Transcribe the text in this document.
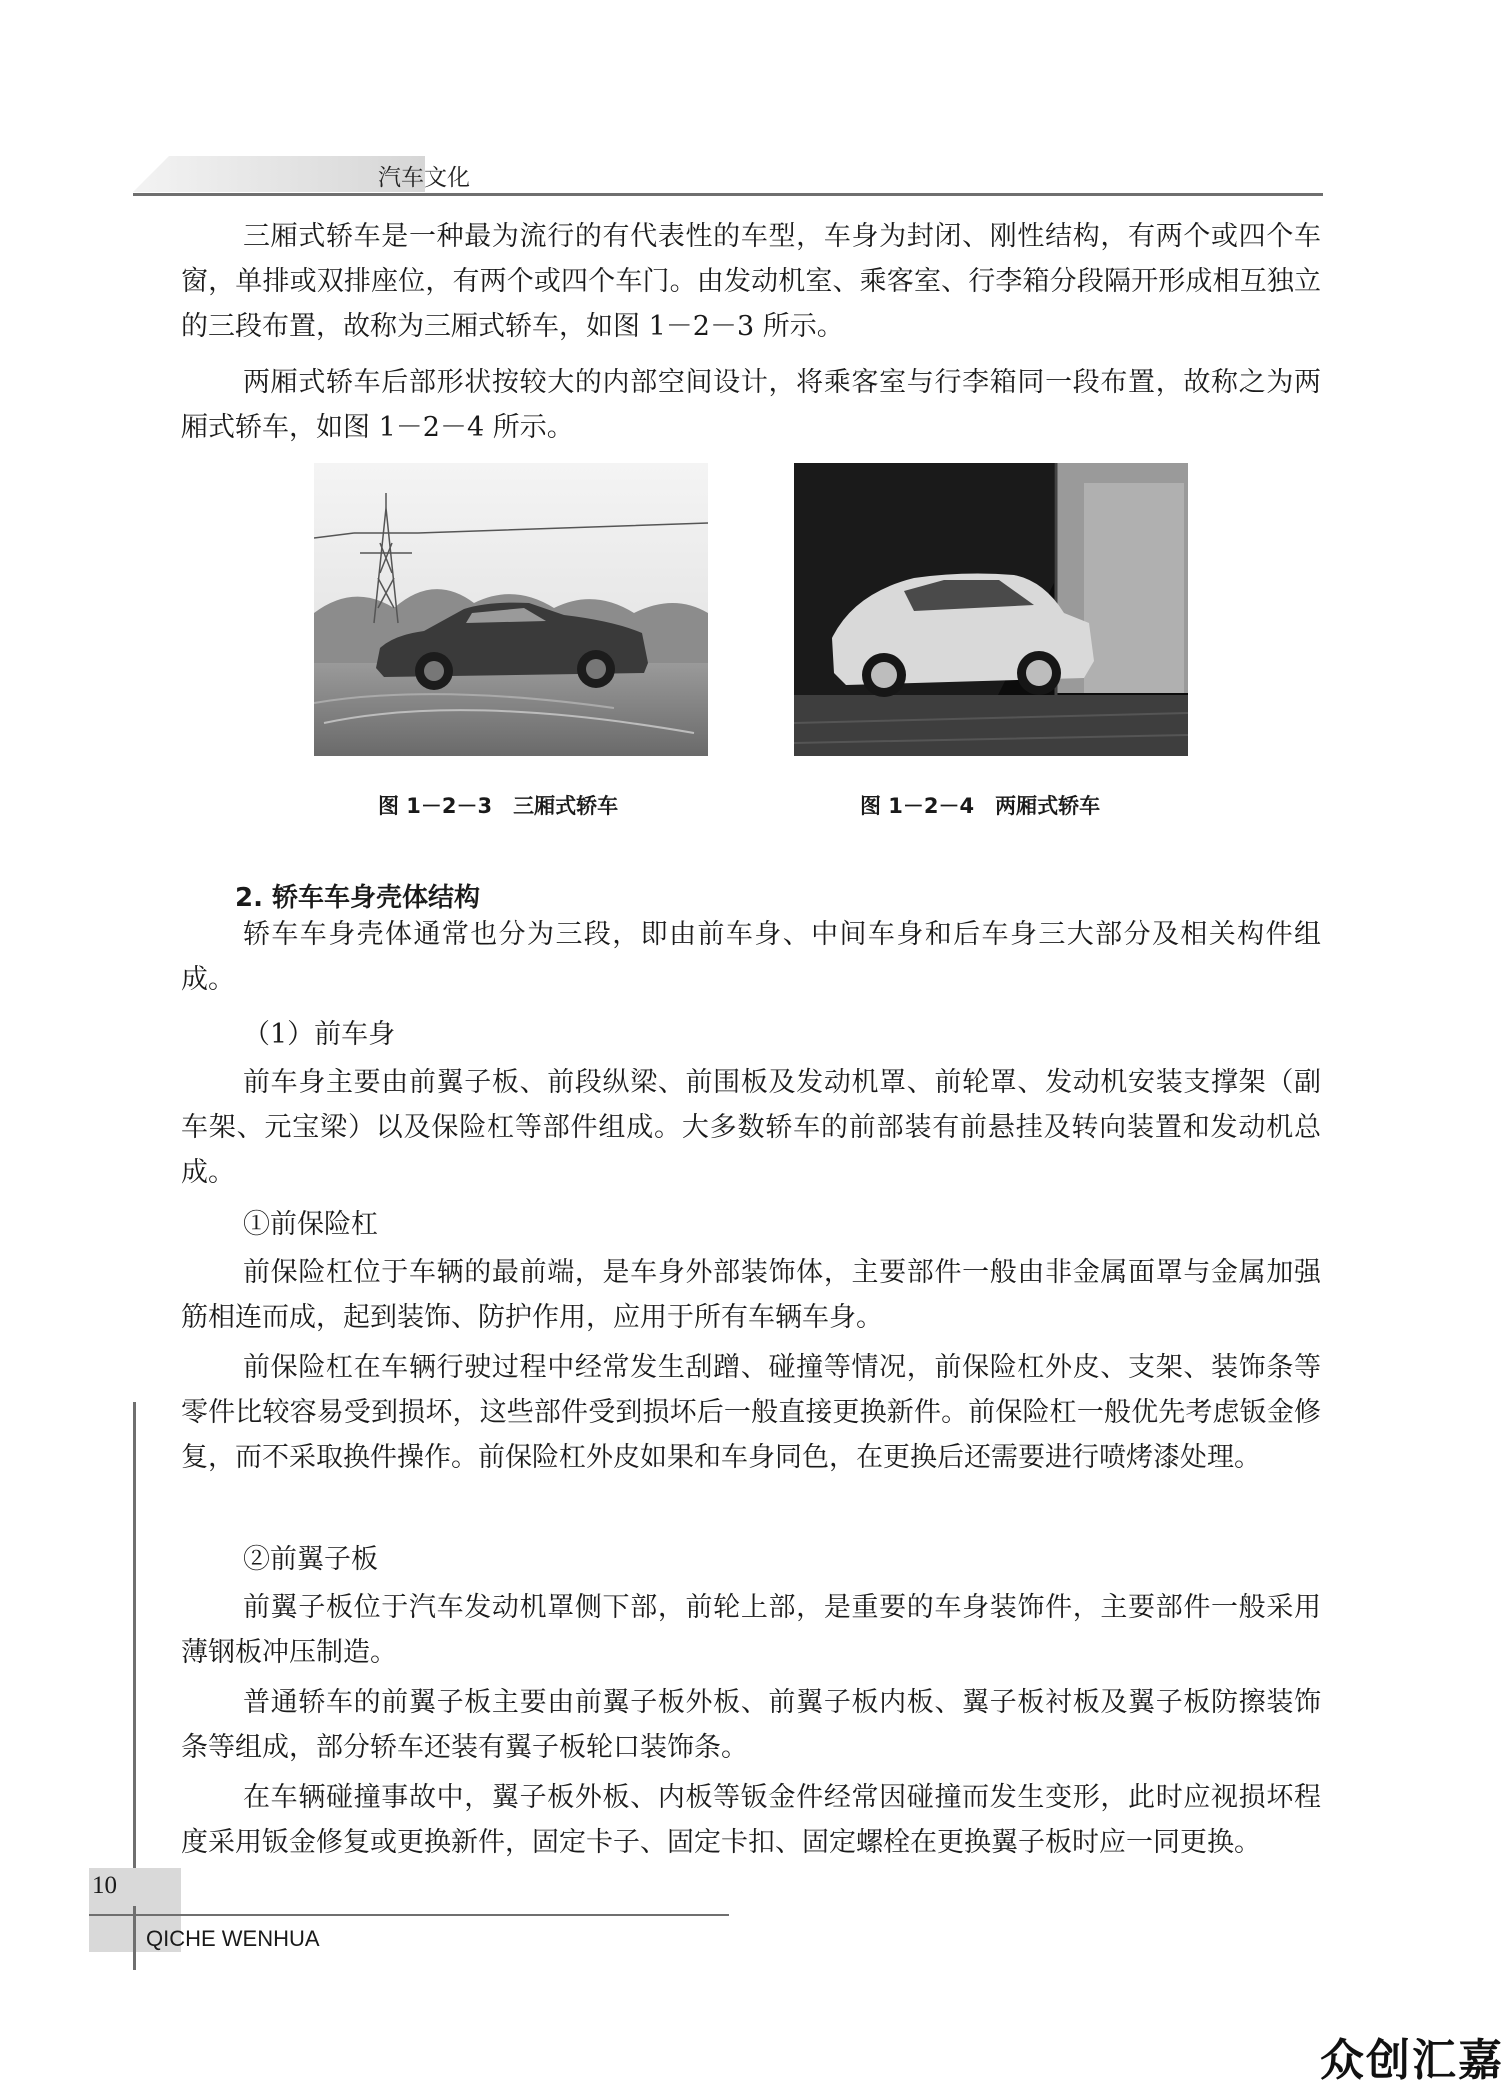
汽车文化

三厢式轿车是一种最为流行的有代表性的车型，车身为封闭、刚性结构，有两个或四个车窗，单排或双排座位，有两个或四个车门。由发动机室、乘客室、行李箱分段隔开形成相互独立的三段布置，故称为三厢式轿车，如图 1－2－3 所示。

两厢式轿车后部形状按较大的内部空间设计，将乘客室与行李箱同一段布置，故称之为两厢式轿车，如图 1－2－4 所示。

图 1－2－3　三厢式轿车	图 1－2－4　两厢式轿车

2. 轿车车身壳体结构

轿车车身壳体通常也分为三段，即由前车身、中间车身和后车身三大部分及相关构件组成。

（1）前车身

前车身主要由前翼子板、前段纵梁、前围板及发动机罩、前轮罩、发动机安装支撑架（副车架、元宝梁）以及保险杠等部件组成。大多数轿车的前部装有前悬挂及转向装置和发动机总成。

①前保险杠

前保险杠位于车辆的最前端，是车身外部装饰体，主要部件一般由非金属面罩与金属加强筋相连而成，起到装饰、防护作用，应用于所有车辆车身。

前保险杠在车辆行驶过程中经常发生刮蹭、碰撞等情况，前保险杠外皮、支架、装饰条等零件比较容易受到损坏，这些部件受到损坏后一般直接更换新件。前保险杠一般优先考虑钣金修复，而不采取换件操作。前保险杠外皮如果和车身同色，在更换后还需要进行喷烤漆处理。

②前翼子板

前翼子板位于汽车发动机罩侧下部，前轮上部，是重要的车身装饰件，主要部件一般采用薄钢板冲压制造。

普通轿车的前翼子板主要由前翼子板外板、前翼子板内板、翼子板衬板及翼子板防擦装饰条等组成，部分轿车还装有翼子板轮口装饰条。

在车辆碰撞事故中，翼子板外板、内板等钣金件经常因碰撞而发生变形，此时应视损坏程度采用钣金修复或更换新件，固定卡子、固定卡扣、固定螺栓在更换翼子板时应一同更换。

10
QICHE WENHUA
众创汇嘉
